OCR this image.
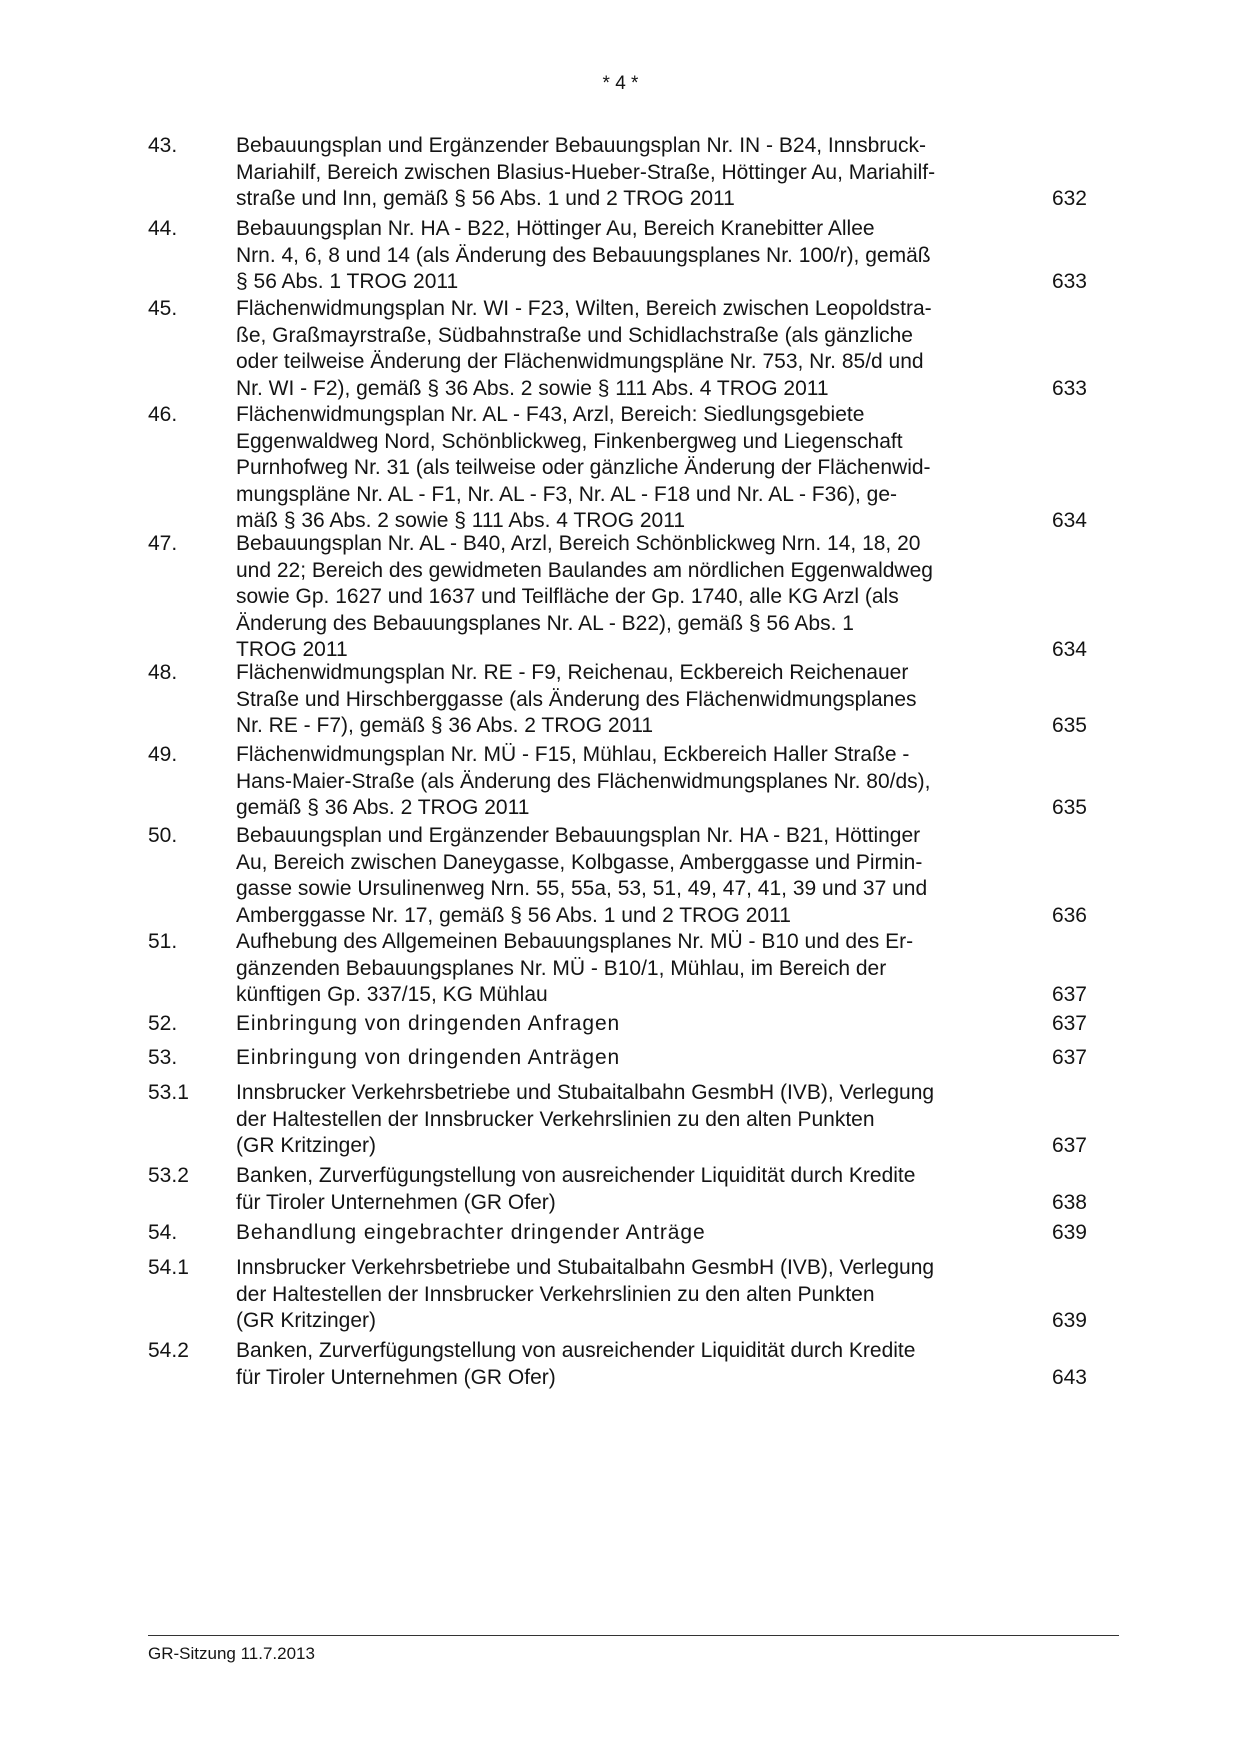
* 4 *
43.	Bebauungsplan und Ergänzender Bebauungsplan Nr. IN - B24, Innsbruck-
Mariahilf, Bereich zwischen Blasius-Hueber-Straße, Höttinger Au, Mariahilf-
straße und Inn, gemäß § 56 Abs. 1 und 2 TROG 2011	632
44.	Bebauungsplan Nr. HA - B22, Höttinger Au, Bereich Kranebitter Allee
Nrn. 4, 6, 8 und 14 (als Änderung des Bebauungsplanes Nr. 100/r), gemäß
§ 56 Abs. 1 TROG 2011	633
45.	Flächenwidmungsplan Nr. WI - F23, Wilten, Bereich zwischen Leopoldstra-
ße, Graßmayrstraße, Südbahnstraße und Schidlachstraße (als gänzliche
oder teilweise Änderung der Flächenwidmungspläne Nr. 753, Nr. 85/d und
Nr. WI - F2), gemäß § 36 Abs. 2 sowie § 111 Abs. 4 TROG 2011	633
46.	Flächenwidmungsplan Nr. AL - F43, Arzl, Bereich: Siedlungsgebiete
Eggenwaldweg Nord, Schönblickweg, Finkenbergweg und Liegenschaft
Purnhofweg Nr. 31 (als teilweise oder gänzliche Änderung der Flächenwid-
mungspläne Nr. AL - F1, Nr. AL - F3, Nr. AL - F18 und Nr. AL - F36), ge-
mäß § 36 Abs. 2 sowie § 111 Abs. 4 TROG 2011	634
47.	Bebauungsplan Nr. AL - B40, Arzl, Bereich Schönblickweg Nrn. 14, 18, 20
und 22; Bereich des gewidmeten Baulandes am nördlichen Eggenwaldweg
sowie Gp. 1627 und 1637 und Teilfläche der Gp. 1740, alle KG Arzl (als
Änderung des Bebauungsplanes Nr. AL - B22), gemäß § 56 Abs. 1
TROG 2011	634
48.	Flächenwidmungsplan Nr. RE - F9, Reichenau, Eckbereich Reichenauer
Straße und Hirschberggasse (als Änderung des Flächenwidmungsplanes
Nr. RE - F7), gemäß § 36 Abs. 2 TROG 2011	635
49.	Flächenwidmungsplan Nr. MÜ - F15, Mühlau, Eckbereich Haller Straße -
Hans-Maier-Straße (als Änderung des Flächenwidmungsplanes Nr. 80/ds),
gemäß § 36 Abs. 2 TROG 2011	635
50.	Bebauungsplan und Ergänzender Bebauungsplan Nr. HA - B21, Höttinger
Au, Bereich zwischen Daneygasse, Kolbgasse, Amberggasse und Pirmin-
gasse sowie Ursulinenweg Nrn. 55, 55a, 53, 51, 49, 47, 41, 39 und 37 und
Amberggasse Nr. 17, gemäß § 56 Abs. 1 und 2 TROG 2011	636
51.	Aufhebung des Allgemeinen Bebauungsplanes Nr. MÜ - B10 und des Er-
gänzenden Bebauungsplanes Nr. MÜ - B10/1, Mühlau, im Bereich der
künftigen Gp. 337/15, KG Mühlau	637
52.	Einbringung von dringenden Anfragen	637
53.	Einbringung von dringenden Anträgen	637
53.1 Innsbrucker Verkehrsbetriebe und Stubaitalbahn GesmbH (IVB), Verlegung
der Haltestellen der Innsbrucker Verkehrslinien zu den alten Punkten
(GR Kritzinger)	637
53.2 Banken, Zurverfügungstellung von ausreichender Liquidität durch Kredite
für Tiroler Unternehmen (GR Ofer)	638
54.	Behandlung eingebrachter dringender Anträge	639
54.1 Innsbrucker Verkehrsbetriebe und Stubaitalbahn GesmbH (IVB), Verlegung
der Haltestellen der Innsbrucker Verkehrslinien zu den alten Punkten
(GR Kritzinger)	639
54.2 Banken, Zurverfügungstellung von ausreichender Liquidität durch Kredite
für Tiroler Unternehmen (GR Ofer)	643
GR-Sitzung 11.7.2013
